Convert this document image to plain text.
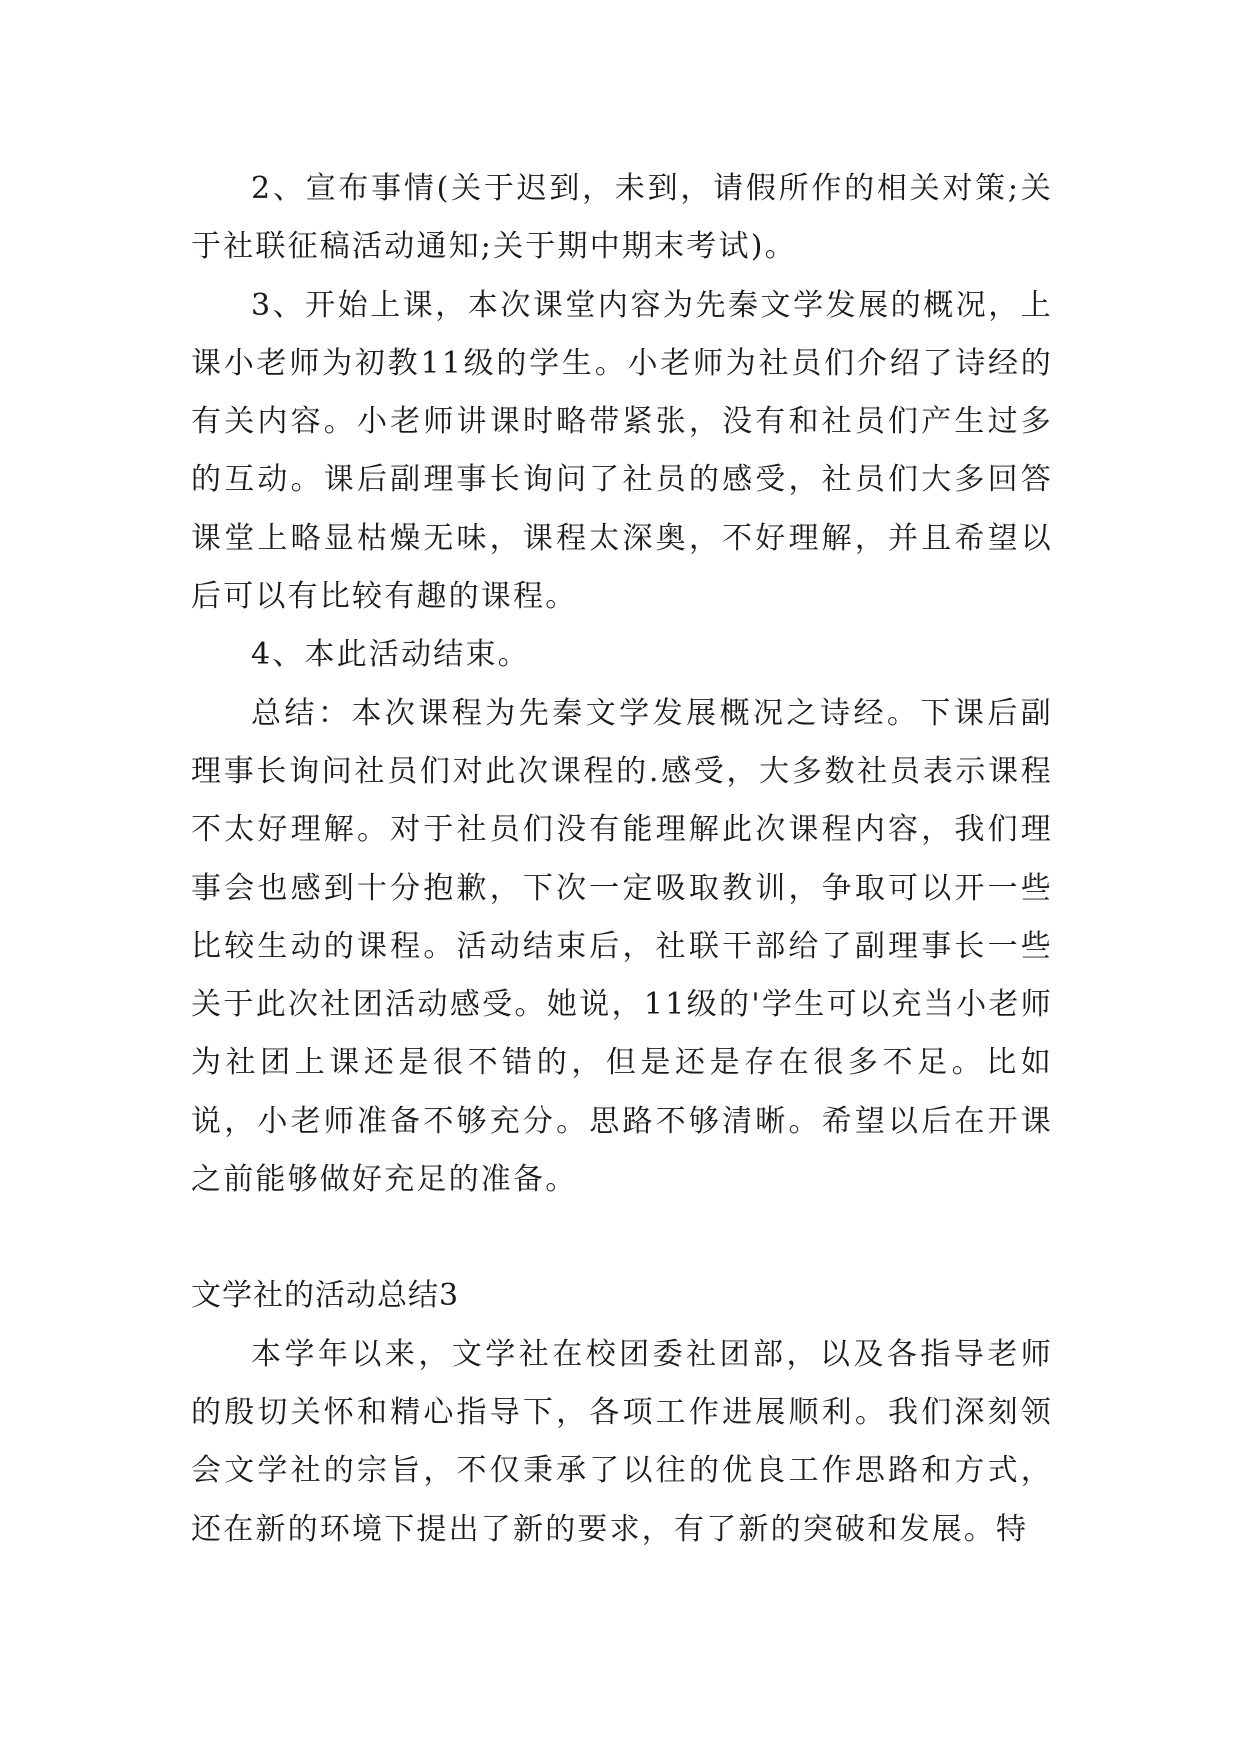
2、宣布事情(关于迟到，未到，请假所作的相关对策;关于社联征稿活动通知;关于期中期末考试)。

3、开始上课，本次课堂内容为先秦文学发展的概况，上课小老师为初教11级的学生。小老师为社员们介绍了诗经的有关内容。小老师讲课时略带紧张，没有和社员们产生过多的互动。课后副理事长询问了社员的感受，社员们大多回答课堂上略显枯燥无味，课程太深奥，不好理解，并且希望以后可以有比较有趣的课程。

4、本此活动结束。

总结：本次课程为先秦文学发展概况之诗经。下课后副理事长询问社员们对此次课程的.感受，大多数社员表示课程不太好理解。对于社员们没有能理解此次课程内容，我们理事会也感到十分抱歉，下次一定吸取教训，争取可以开一些比较生动的课程。活动结束后，社联干部给了副理事长一些关于此次社团活动感受。她说，11级的'学生可以充当小老师为社团上课还是很不错的，但是还是存在很多不足。比如说，小老师准备不够充分。思路不够清晰。希望以后在开课之前能够做好充足的准备。

文学社的活动总结3

本学年以来，文学社在校团委社团部，以及各指导老师的殷切关怀和精心指导下，各项工作进展顺利。我们深刻领会文学社的宗旨，不仅秉承了以往的优良工作思路和方式，还在新的环境下提出了新的要求，有了新的突破和发展。特
